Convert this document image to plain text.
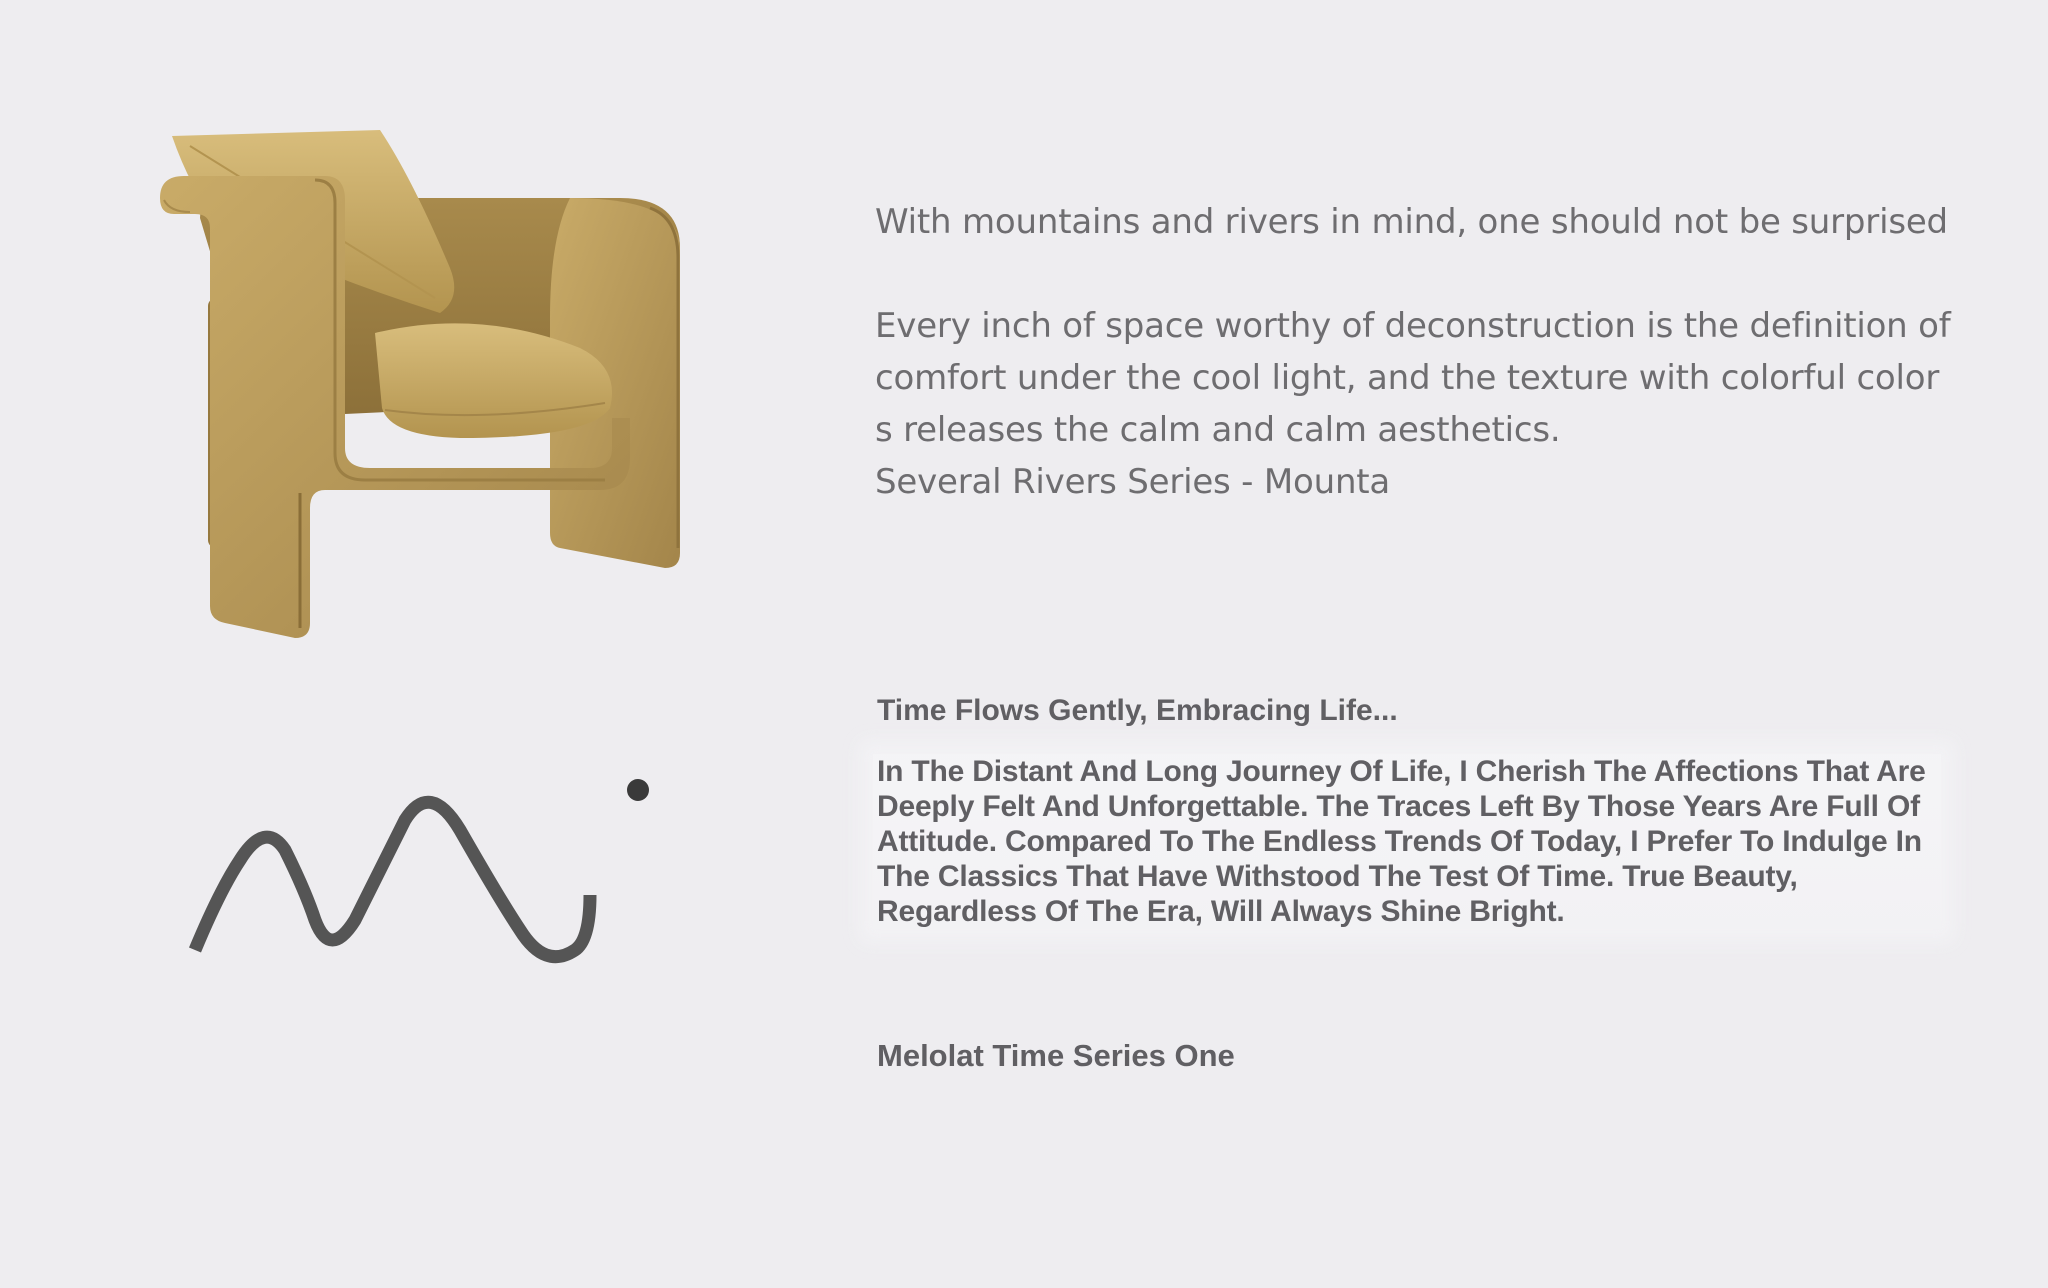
With mountains and rivers in mind, one should not be surprised
Every inch of space worthy of deconstruction is the definition of comfort under the cool light, and the texture with colorful colors releases the calm and calm aesthetics.
Several Rivers Series - Mounta

Time Flows Gently, Embracing Life...

In The Distant And Long Journey Of Life, I Cherish The Affections That Are Deeply Felt And Unforgettable. The Traces Left By Those Years Are Full Of Attitude. Compared To The Endless Trends Of Today, I Prefer To Indulge In The Classics That Have Withstood The Test Of Time. True Beauty, Regardless Of The Era, Will Always Shine Bright.

Melolat Time Series One
